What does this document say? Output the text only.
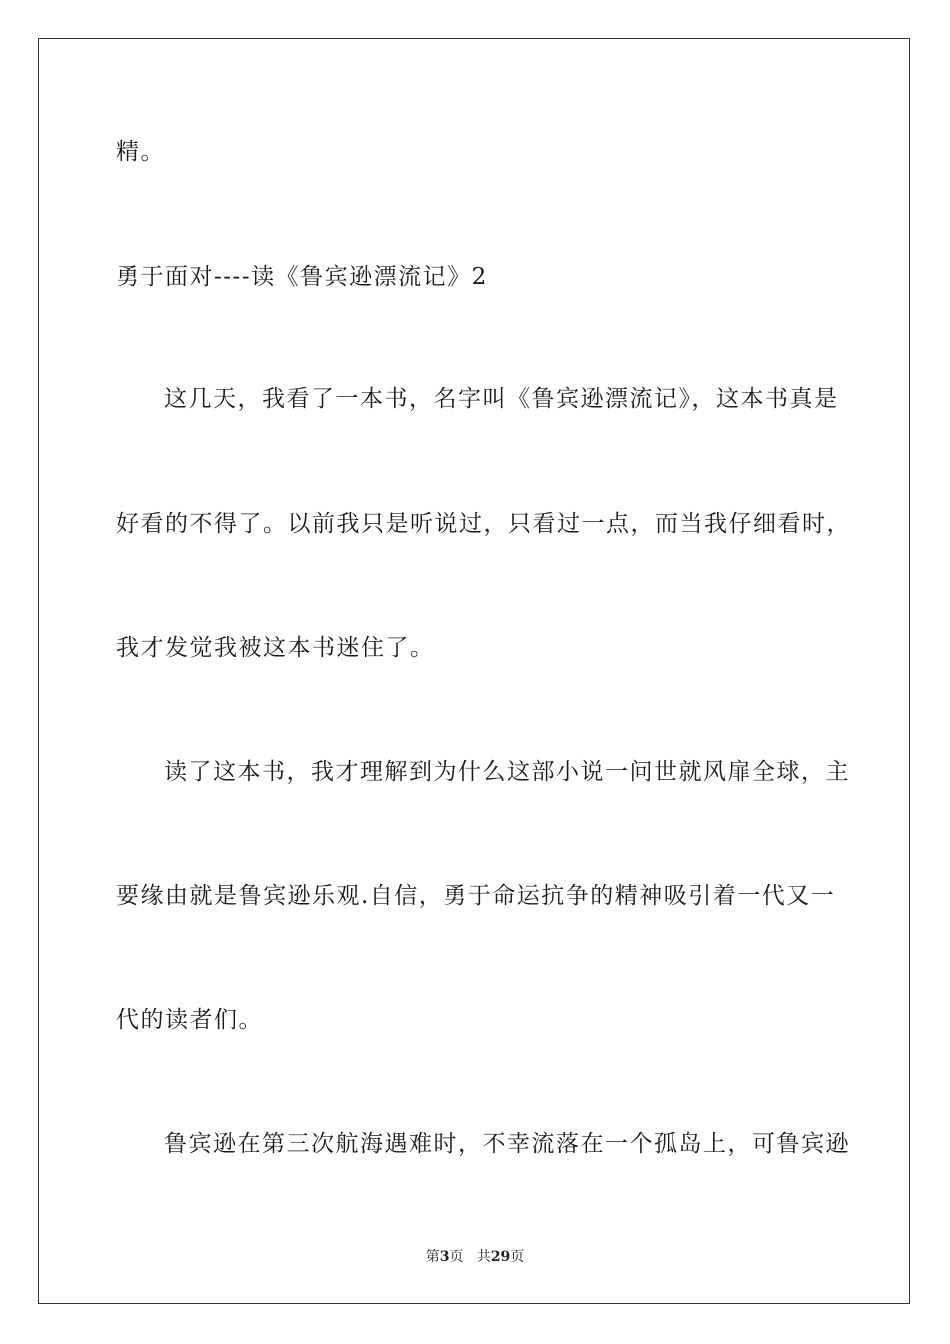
精。

勇于面对----读《鲁宾逊漂流记》2

这几天，我看了一本书，名字叫《鲁宾逊漂流记》，这本书真是

好看的不得了。以前我只是听说过，只看过一点，而当我仔细看时，

我才发觉我被这本书迷住了。

读了这本书，我才理解到为什么这部小说一问世就风扉全球，主

要缘由就是鲁宾逊乐观.自信，勇于命运抗争的精神吸引着一代又一

代的读者们。

鲁宾逊在第三次航海遇难时，不幸流落在一个孤岛上，可鲁宾逊

第3页 共29页
